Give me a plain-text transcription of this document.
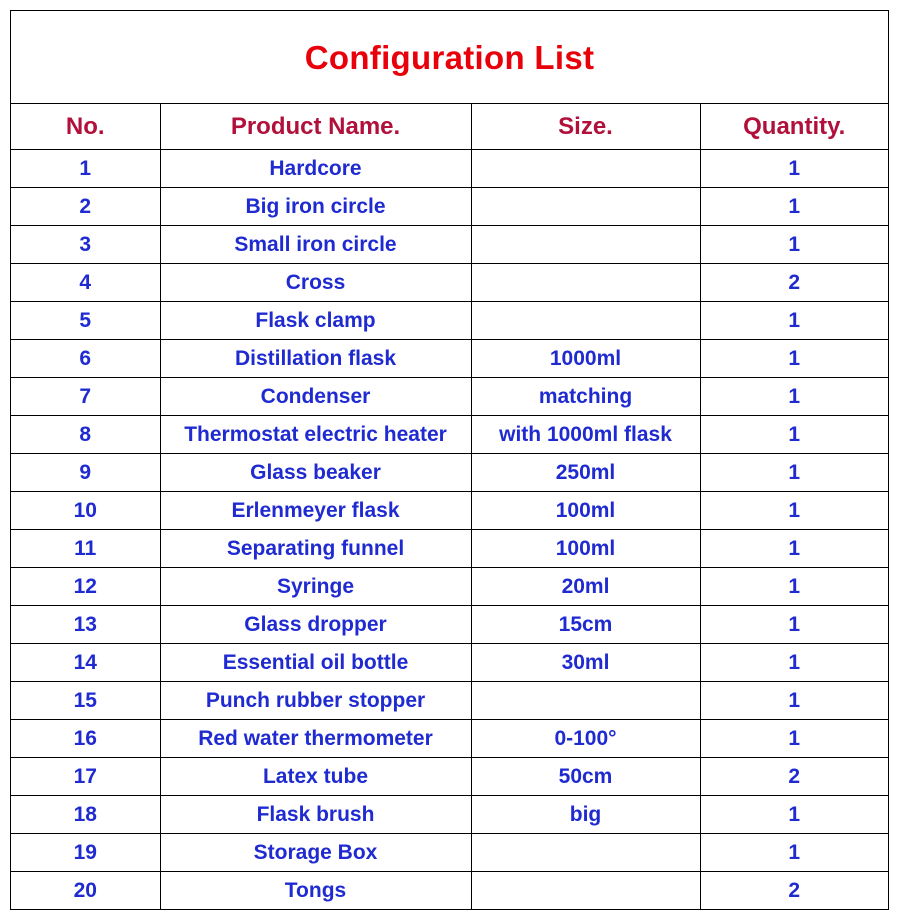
Configuration List
No.	Product Name.	Size.	Quantity.
1	Hardcore		1
2	Big iron circle		1
3	Small iron circle		1
4	Cross		2
5	Flask clamp		1
6	Distillation flask	1000ml	1
7	Condenser	matching	1
8	Thermostat electric heater	with 1000ml flask	1
9	Glass beaker	250ml	1
10	Erlenmeyer flask	100ml	1
11	Separating funnel	100ml	1
12	Syringe	20ml	1
13	Glass dropper	15cm	1
14	Essential oil bottle	30ml	1
15	Punch rubber stopper		1
16	Red water thermometer	0-100°	1
17	Latex tube	50cm	2
18	Flask brush	big	1
19	Storage Box		1
20	Tongs		2
